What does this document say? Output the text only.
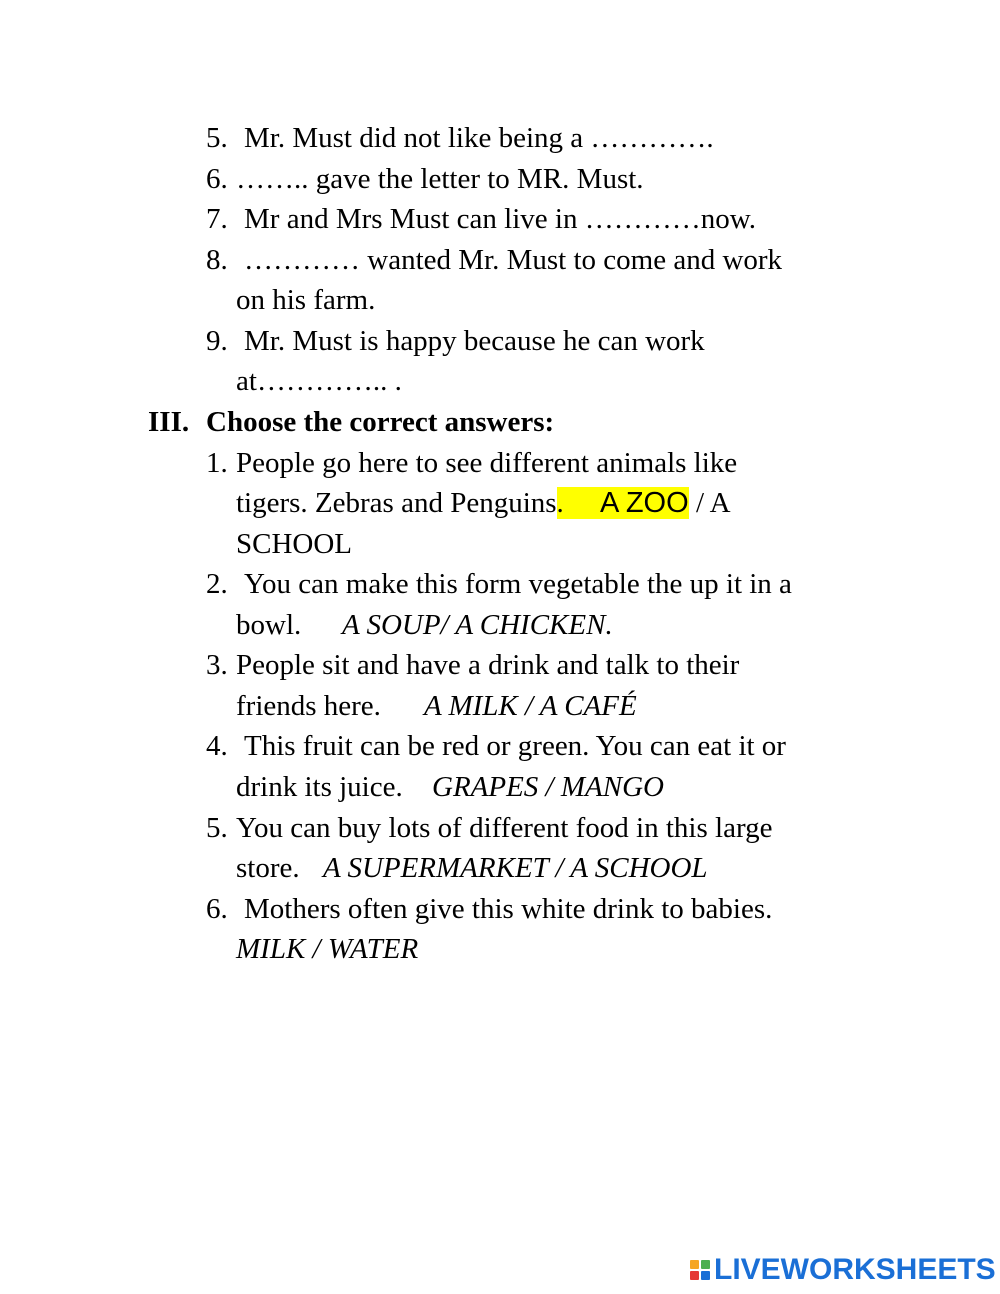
5. Mr. Must did not like being a ………….
6. …….. gave the letter to MR. Must.
7. Mr and Mrs Must can live in …………now.
8. ………… wanted Mr. Must to come and work
on his farm.
9. Mr. Must is happy because he can work
at………….. .
III. Choose the correct answers:
1. People go here to see different animals like
tigers. Zebras and Penguins. A ZOO / A
SCHOOL
2. You can make this form vegetable the up it in a
bowl. A SOUP/ A CHICKEN.
3. People sit and have a drink and talk to their
friends here. A MILK / A CAFÉ
4. This fruit can be red or green. You can eat it or
drink its juice. GRAPES / MANGO
5. You can buy lots of different food in this large
store. A SUPERMARKET / A SCHOOL
6. Mothers often give this white drink to babies.
MILK / WATER
LIVEWORKSHEETS
